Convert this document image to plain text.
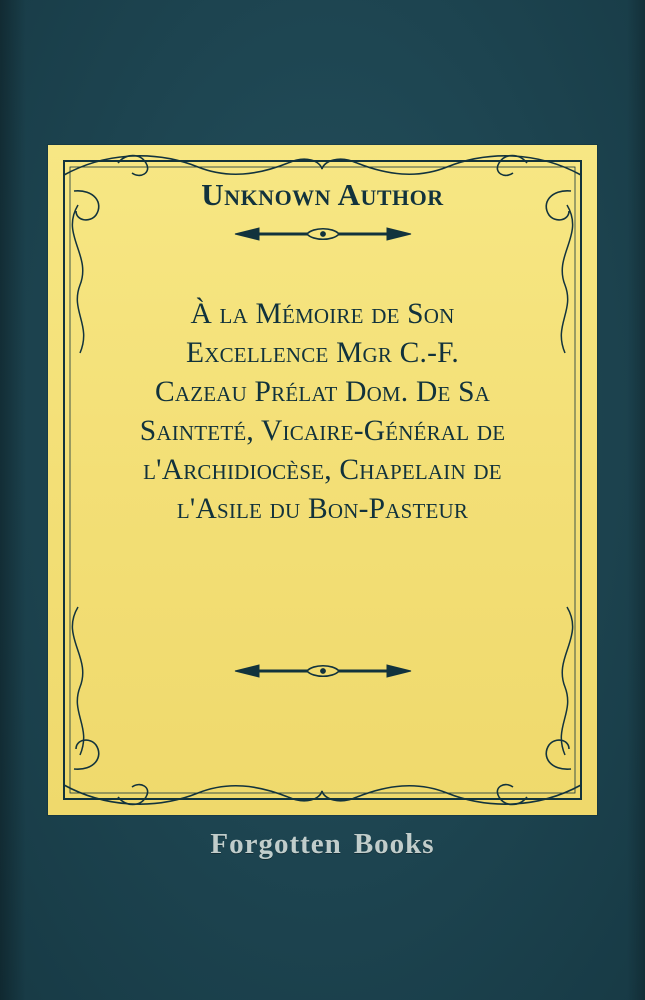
Unknown Author
À la Mémoire de Son
Excellence Mgr C.-F.
Cazeau Prélat Dom. De Sa
Sainteté, Vicaire-Général de
l'Archidiocèse, Chapelain de
l'Asile du Bon-Pasteur
Forgotten Books
